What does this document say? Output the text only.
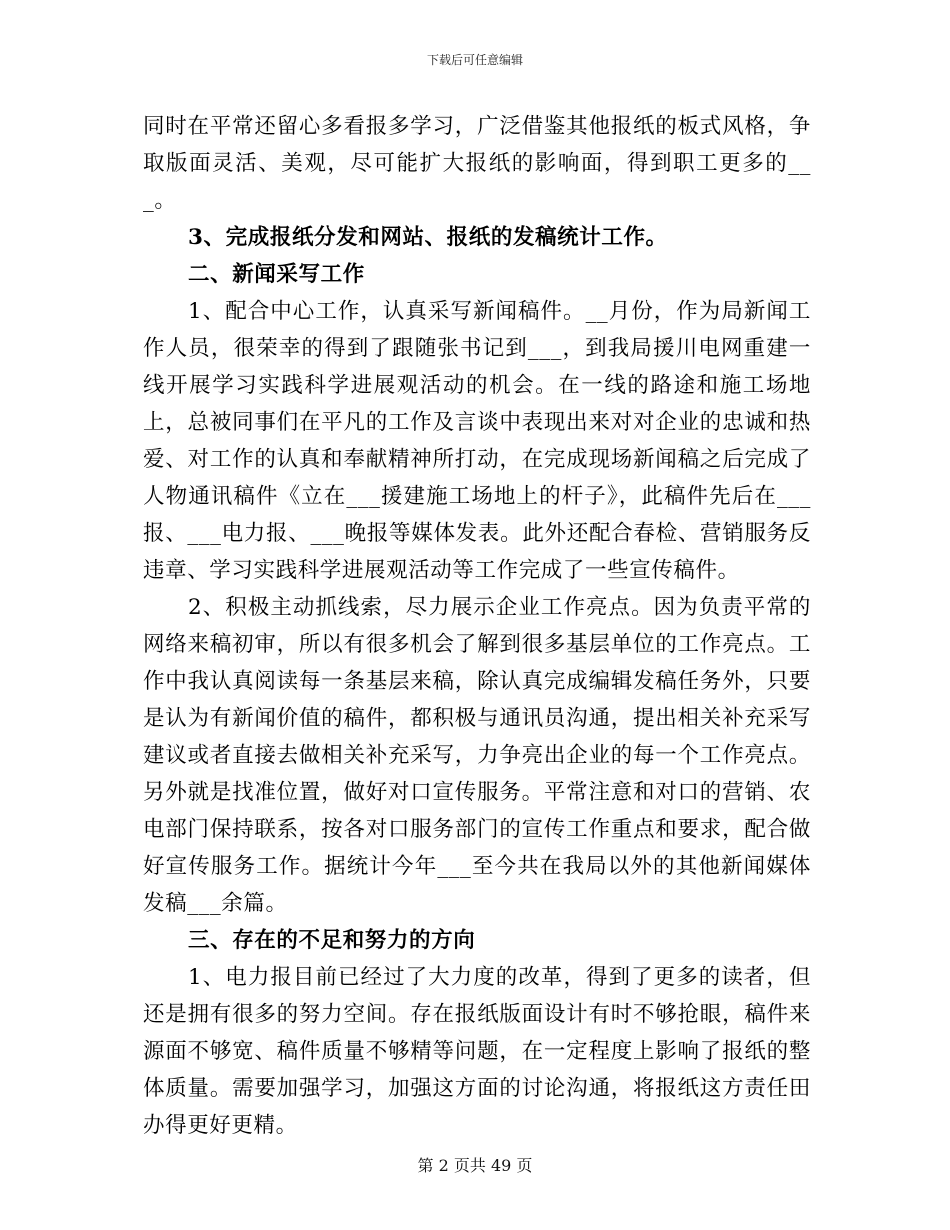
下载后可任意编辑

同时在平常还留心多看报多学习，广泛借鉴其他报纸的板式风格，争取版面灵活、美观，尽可能扩大报纸的影响面，得到职工更多的___。

3、完成报纸分发和网站、报纸的发稿统计工作。

二、新闻采写工作

1、配合中心工作，认真采写新闻稿件。__月份，作为局新闻工作人员，很荣幸的得到了跟随张书记到___，到我局援川电网重建一线开展学习实践科学进展观活动的机会。在一线的路途和施工场地上，总被同事们在平凡的工作及言谈中表现出来对对企业的忠诚和热爱、对工作的认真和奉献精神所打动，在完成现场新闻稿之后完成了人物通讯稿件《立在___援建施工场地上的杆子》，此稿件先后在___报、___电力报、___晚报等媒体发表。此外还配合春检、营销服务反违章、学习实践科学进展观活动等工作完成了一些宣传稿件。

2、积极主动抓线索，尽力展示企业工作亮点。因为负责平常的网络来稿初审，所以有很多机会了解到很多基层单位的工作亮点。工作中我认真阅读每一条基层来稿，除认真完成编辑发稿任务外，只要是认为有新闻价值的稿件，都积极与通讯员沟通，提出相关补充采写建议或者直接去做相关补充采写，力争亮出企业的每一个工作亮点。另外就是找准位置，做好对口宣传服务。平常注意和对口的营销、农电部门保持联系，按各对口服务部门的宣传工作重点和要求，配合做好宣传服务工作。据统计今年___至今共在我局以外的其他新闻媒体发稿___余篇。

三、存在的不足和努力的方向

1、电力报目前已经过了大力度的改革，得到了更多的读者，但还是拥有很多的努力空间。存在报纸版面设计有时不够抢眼，稿件来源面不够宽、稿件质量不够精等问题，在一定程度上影响了报纸的整体质量。需要加强学习，加强这方面的讨论沟通，将报纸这方责任田办得更好更精。

第 2 页共 49 页
